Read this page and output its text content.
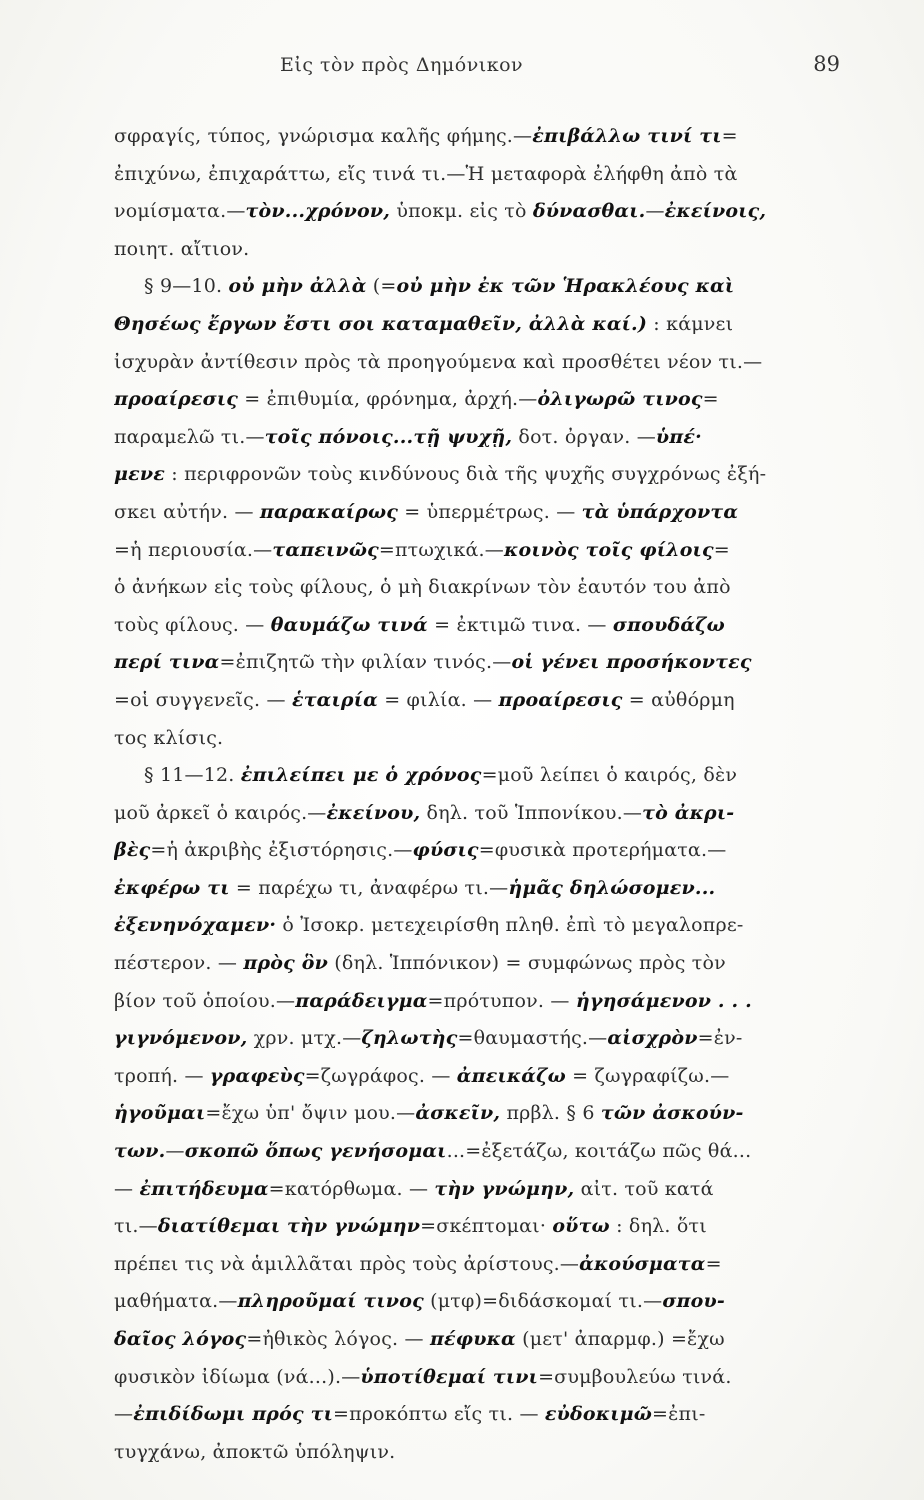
Εἰς τὸν πρὸς Δημόνικον	89
σφραγίς, τύπος, γνώρισμα καλῆς φήμης.—ἐπιβάλλω τινί τι=
ἐπιχύνω, ἐπιχαράττω, εἴς τινά τι.—Ἡ μεταφορὰ ἐλήφθη ἀπὸ τὰ
νομίσματα.—τὸν...χρόνον, ὑποκμ. εἰς τὸ δύνασθαι.—ἐκείνοις,
ποιητ. αἴτιον.
§ 9—10. οὐ μὴν ἀλλὰ (=οὐ μὴν ἐκ τῶν Ἡρακλέους καὶ
Θησέως ἔργων ἔστι σοι καταμαθεῖν, ἀλλὰ καί.) : κάμνει
ἰσχυρὰν ἀντίθεσιν πρὸς τὰ προηγούμενα καὶ προσθέτει νέον τι.—
προαίρεσις = ἐπιθυμία, φρόνημα, ἀρχή.—ὀλιγωρῶ τινος=
παραμελῶ τι.—τοῖς πόνοις...τῇ ψυχῇ, δοτ. ὀργαν. —ὑπέ·
μενε : περιφρονῶν τοὺς κινδύνους διὰ τῆς ψυχῆς συγχρόνως ἐξή-
σκει αὐτήν. — παρακαίρως = ὑπερμέτρως. — τὰ ὑπάρχοντα
=ἡ περιουσία.—ταπεινῶς=πτωχικά.—κοινὸς τοῖς φίλοις=
ὁ ἀνήκων εἰς τοὺς φίλους, ὁ μὴ διακρίνων τὸν ἑαυτόν του ἀπὸ
τοὺς φίλους. — θαυμάζω τινά = ἐκτιμῶ τινα. — σπουδάζω
περί τινα=ἐπιζητῶ τὴν φιλίαν τινός.—οἱ γένει προσήκοντες
=οἱ συγγενεῖς. — ἑταιρία = φιλία. — προαίρεσις = αὐθόρμη
τος κλίσις.
§ 11—12. ἐπιλείπει με ὁ χρόνος=μοῦ λείπει ὁ καιρός, δὲν
μοῦ ἀρκεῖ ὁ καιρός.—ἐκείνου, δηλ. τοῦ Ἱππονίκου.—τὸ ἀκρι-
βὲς=ἡ ἀκριβὴς ἐξιστόρησις.—φύσις=φυσικὰ προτερήματα.—
ἐκφέρω τι = παρέχω τι, ἀναφέρω τι.—ἡμᾶς δηλώσομεν...
ἐξενηνόχαμεν· ὁ Ἰσοκρ. μετεχειρίσθη πληθ. ἐπὶ τὸ μεγαλοπρε-
πέστερον. — πρὸς ὃν (δηλ. Ἱππόνικον) = συμφώνως πρὸς τὸν
βίον τοῦ ὁποίου.—παράδειγμα=πρότυπον. — ἡγησάμενον . . .
γιγνόμενον, χρν. μτχ.—ζηλωτὴς=θαυμαστής.—αἰσχρὸν=ἐν-
τροπή. — γραφεὺς=ζωγράφος. — ἀπεικάζω = ζωγραφίζω.—
ἡγοῦμαι=ἔχω ὑπ' ὄψιν μου.—ἀσκεῖν, πρβλ. § 6 τῶν ἀσκούν-
των.—σκοπῶ ὅπως γενήσομαι...=ἐξετάζω, κοιτάζω πῶς θά...
— ἐπιτήδευμα=κατόρθωμα. — τὴν γνώμην, αἰτ. τοῦ κατά
τι.—διατίθεμαι τὴν γνώμην=σκέπτομαι· οὕτω : δηλ. ὅτι
πρέπει τις νὰ ἁμιλλᾶται πρὸς τοὺς ἀρίστους.—ἀκούσματα=
μαθήματα.—πληροῦμαί τινος (μτφ)=διδάσκομαί τι.—σπου-
δαῖος λόγος=ἠθικὸς λόγος. — πέφυκα (μετ' ἀπαρμφ.) =ἔχω
φυσικὸν ἰδίωμα (νά...).—ὑποτίθεμαί τινι=συμβουλεύω τινά.
—ἐπιδίδωμι πρός τι=προκόπτω εἴς τι. — εὐδοκιμῶ=ἐπι-
τυγχάνω, ἀποκτῶ ὑπόληψιν.
